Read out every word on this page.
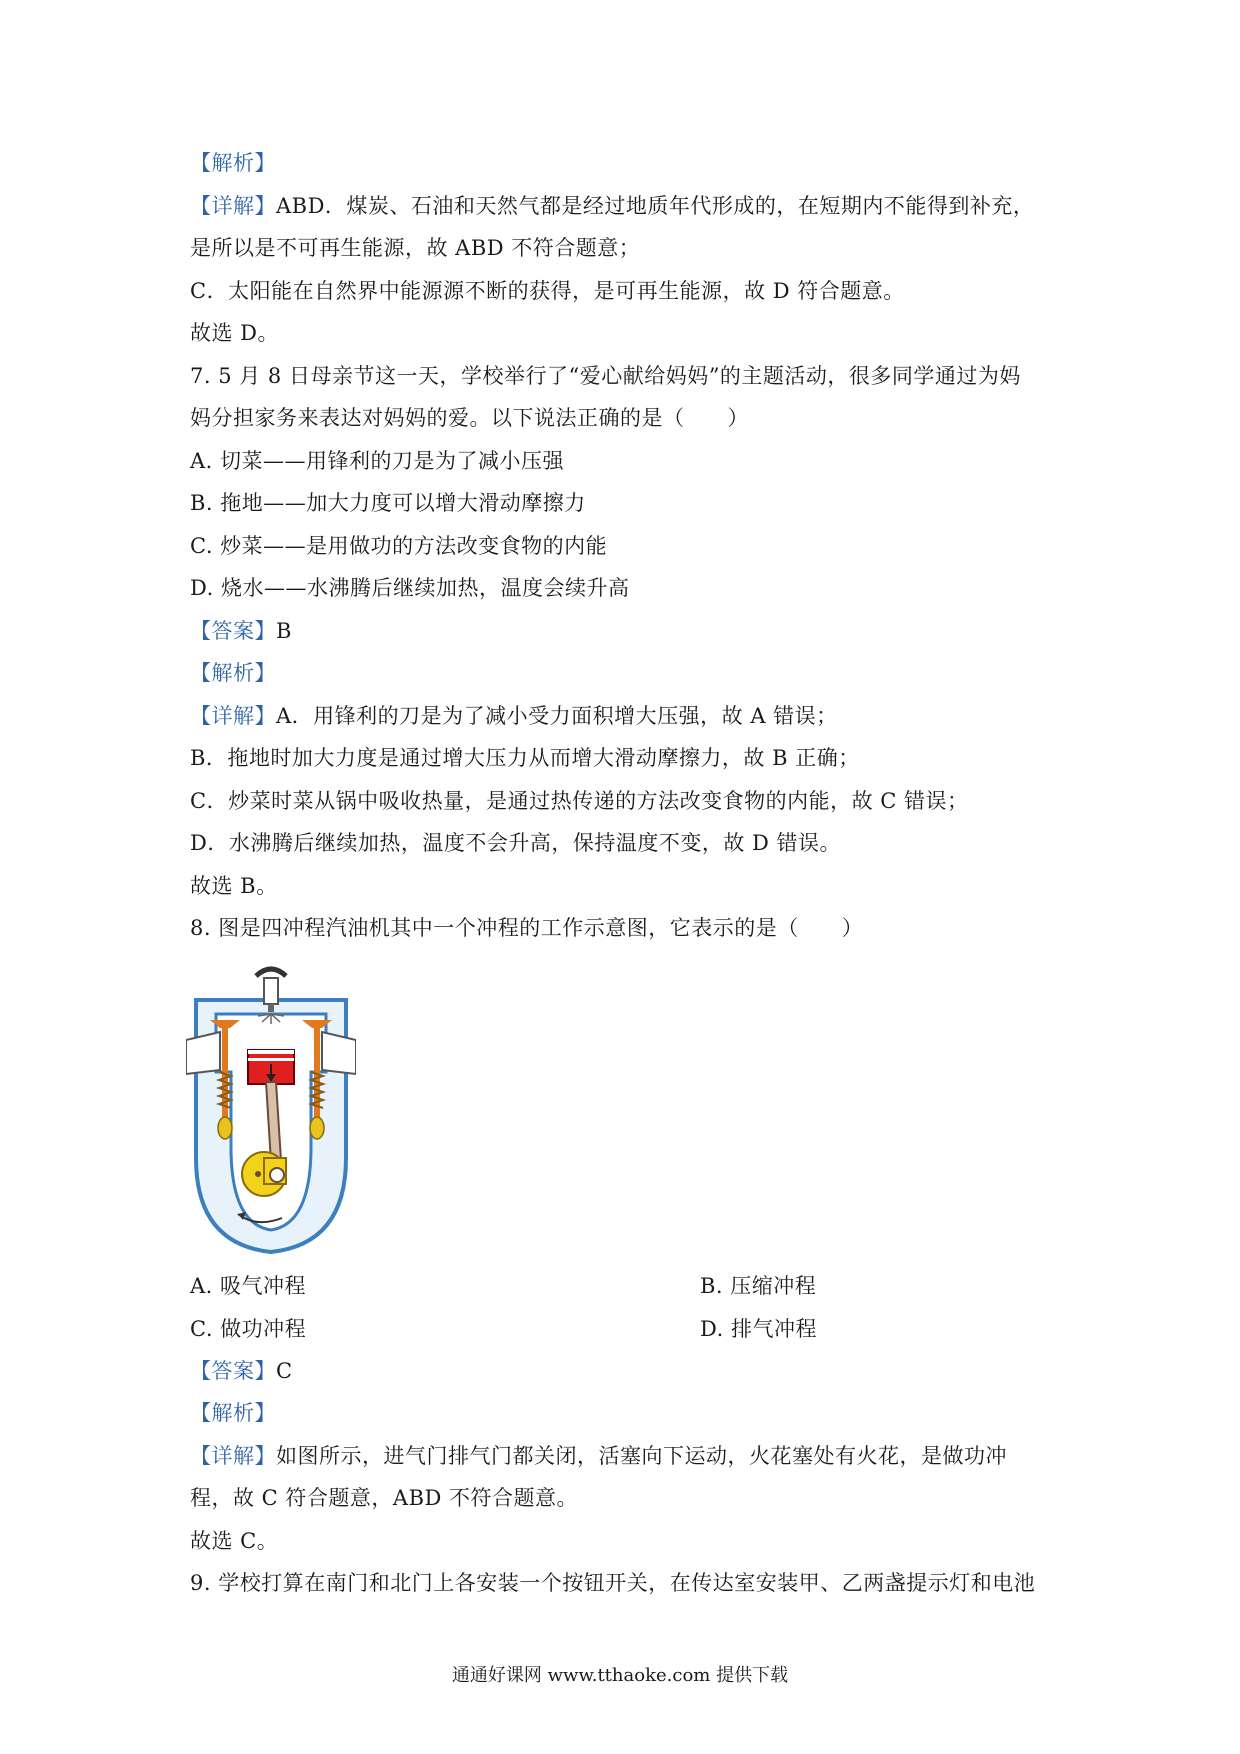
【解析】
【详解】ABD．煤炭、石油和天然气都是经过地质年代形成的，在短期内不能得到补充，
是所以是不可再生能源，故 ABD 不符合题意；
C．太阳能在自然界中能源源不断的获得，是可再生能源，故 D 符合题意。
故选 D。
7. 5 月 8 日母亲节这一天，学校举行了“爱心献给妈妈”的主题活动，很多同学通过为妈
妈分担家务来表达对妈妈的爱。以下说法正确的是（　　）
A. 切菜——用锋利的刀是为了减小压强
B. 拖地——加大力度可以增大滑动摩擦力
C. 炒菜——是用做功的方法改变食物的内能
D. 烧水——水沸腾后继续加热，温度会续升高
【答案】B
【解析】
【详解】A．用锋利的刀是为了减小受力面积增大压强，故 A 错误；
B．拖地时加大力度是通过增大压力从而增大滑动摩擦力，故 B 正确；
C．炒菜时菜从锅中吸收热量，是通过热传递的方法改变食物的内能，故 C 错误；
D．水沸腾后继续加热，温度不会升高，保持温度不变，故 D 错误。
故选 B。
8. 图是四冲程汽油机其中一个冲程的工作示意图，它表示的是（　　）
A. 吸气冲程	B. 压缩冲程
C. 做功冲程	D. 排气冲程
【答案】C
【解析】
【详解】如图所示，进气门排气门都关闭，活塞向下运动，火花塞处有火花，是做功冲
程，故 C 符合题意，ABD 不符合题意。
故选 C。
9. 学校打算在南门和北门上各安装一个按钮开关，在传达室安装甲、乙两盏提示灯和电池
通通好课网 www.tthaoke.com 提供下载
